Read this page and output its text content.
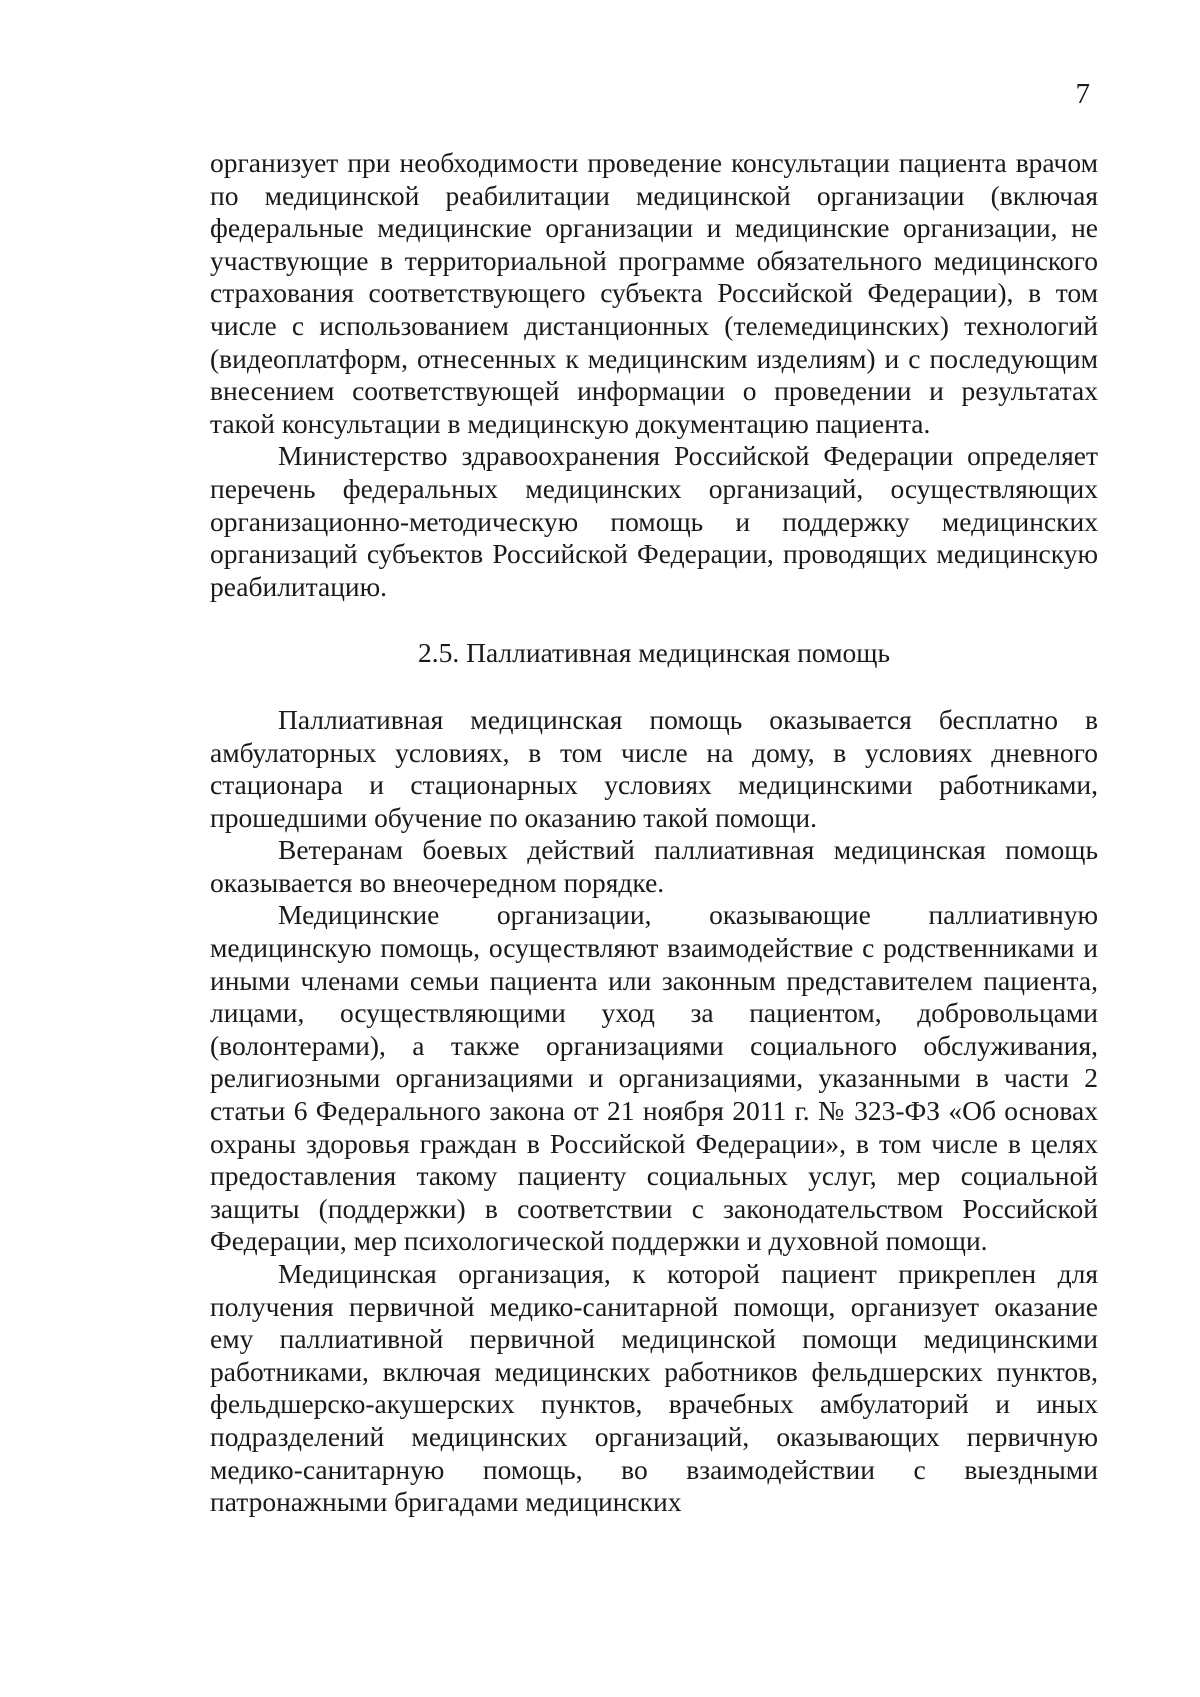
7

организует при необходимости проведение консультации пациента врачом по медицинской реабилитации медицинской организации (включая федеральные медицинские организации и медицинские организации, не участвующие в территориальной программе обязательного медицинского страхования соответствующего субъекта Российской Федерации), в том числе с использованием дистанционных (телемедицинских) технологий (видеоплатформ, отнесенных к медицинским изделиям) и с последующим внесением соответствующей информации о проведении и результатах такой консультации в медицинскую документацию пациента.

Министерство здравоохранения Российской Федерации определяет перечень федеральных медицинских организаций, осуществляющих организационно-методическую помощь и поддержку медицинских организаций субъектов Российской Федерации, проводящих медицинскую реабилитацию.

2.5. Паллиативная медицинская помощь

Паллиативная медицинская помощь оказывается бесплатно в амбулаторных условиях, в том числе на дому, в условиях дневного стационара и стационарных условиях медицинскими работниками, прошедшими обучение по оказанию такой помощи.

Ветеранам боевых действий паллиативная медицинская помощь оказывается во внеочередном порядке.

Медицинские организации, оказывающие паллиативную медицинскую помощь, осуществляют взаимодействие с родственниками и иными членами семьи пациента или законным представителем пациента, лицами, осуществляющими уход за пациентом, добровольцами (волонтерами), а также организациями социального обслуживания, религиозными организациями и организациями, указанными в части 2 статьи 6 Федерального закона от 21 ноября 2011 г. № 323-ФЗ «Об основах охраны здоровья граждан в Российской Федерации», в том числе в целях предоставления такому пациенту социальных услуг, мер социальной защиты (поддержки) в соответствии с законодательством Российской Федерации, мер психологической поддержки и духовной помощи.

Медицинская организация, к которой пациент прикреплен для получения первичной медико-санитарной помощи, организует оказание ему паллиативной первичной медицинской помощи медицинскими работниками, включая медицинских работников фельдшерских пунктов, фельдшерско-акушерских пунктов, врачебных амбулаторий и иных подразделений медицинских организаций, оказывающих первичную медико-санитарную помощь, во взаимодействии с выездными патронажными бригадами медицинских
